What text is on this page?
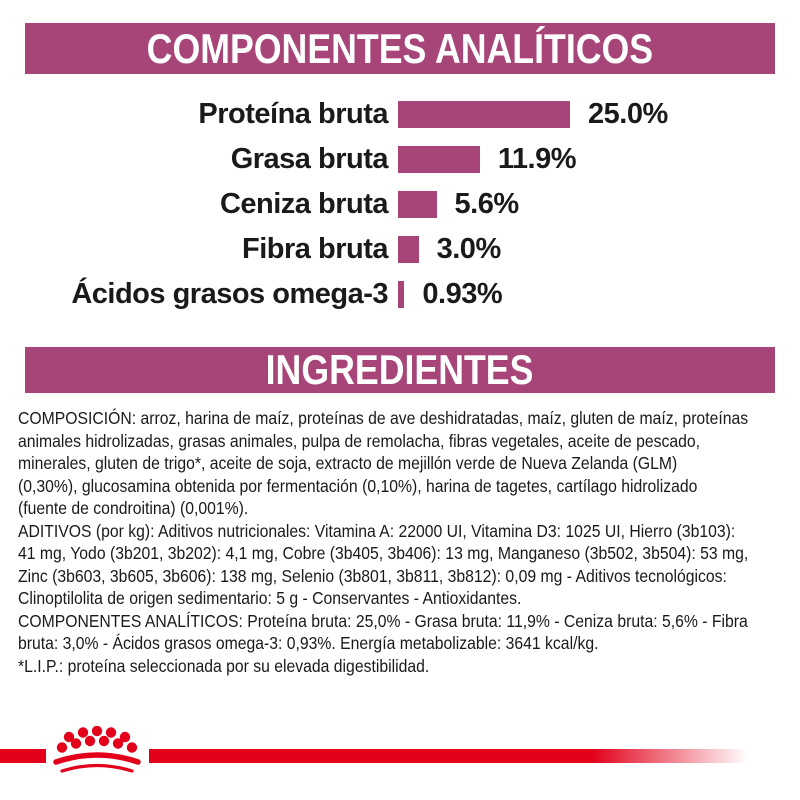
COMPONENTES ANALÍTICOS
Proteína bruta	25.0%
Grasa bruta	11.9%
Ceniza bruta 5.6%
Fibra bruta 3.0%
Ácidos grasos omega-3 0.93%
INGREDIENTES
COMPOSICIÓN: arroz, harina de maíz, proteínas de ave deshidratadas, maíz, gluten de maíz, proteínas
animales hidrolizadas, grasas animales, pulpa de remolacha, fibras vegetales, aceite de pescado,
minerales, gluten de trigo*, aceite de soja, extracto de mejillón verde de Nueva Zelanda (GLM)
(0,30%), glucosamina obtenida por fermentación (0,10%), harina de tagetes, cartílago hidrolizado
(fuente de condroitina) (0,001%).
ADITIVOS (por kg): Aditivos nutricionales: Vitamina A: 22000 UI, Vitamina D3: 1025 UI, Hierro (3b103):
41 mg, Yodo (3b201, 3b202): 4,1 mg, Cobre (3b405, 3b406): 13 mg, Manganeso (3b502, 3b504): 53 mg,
Zinc (3b603, 3b605, 3b606): 138 mg, Selenio (3b801, 3b811, 3b812): 0,09 mg - Aditivos tecnológicos:
Clinoptilolita de origen sedimentario: 5 g - Conservantes - Antioxidantes.
COMPONENTES ANALÍTICOS: Proteína bruta: 25,0% - Grasa bruta: 11,9% - Ceniza bruta: 5,6% - Fibra
bruta: 3,0% - Ácidos grasos omega-3: 0,93%. Energía metabolizable: 3641 kcal/kg.
*L.I.P.: proteína seleccionada por su elevada digestibilidad.
